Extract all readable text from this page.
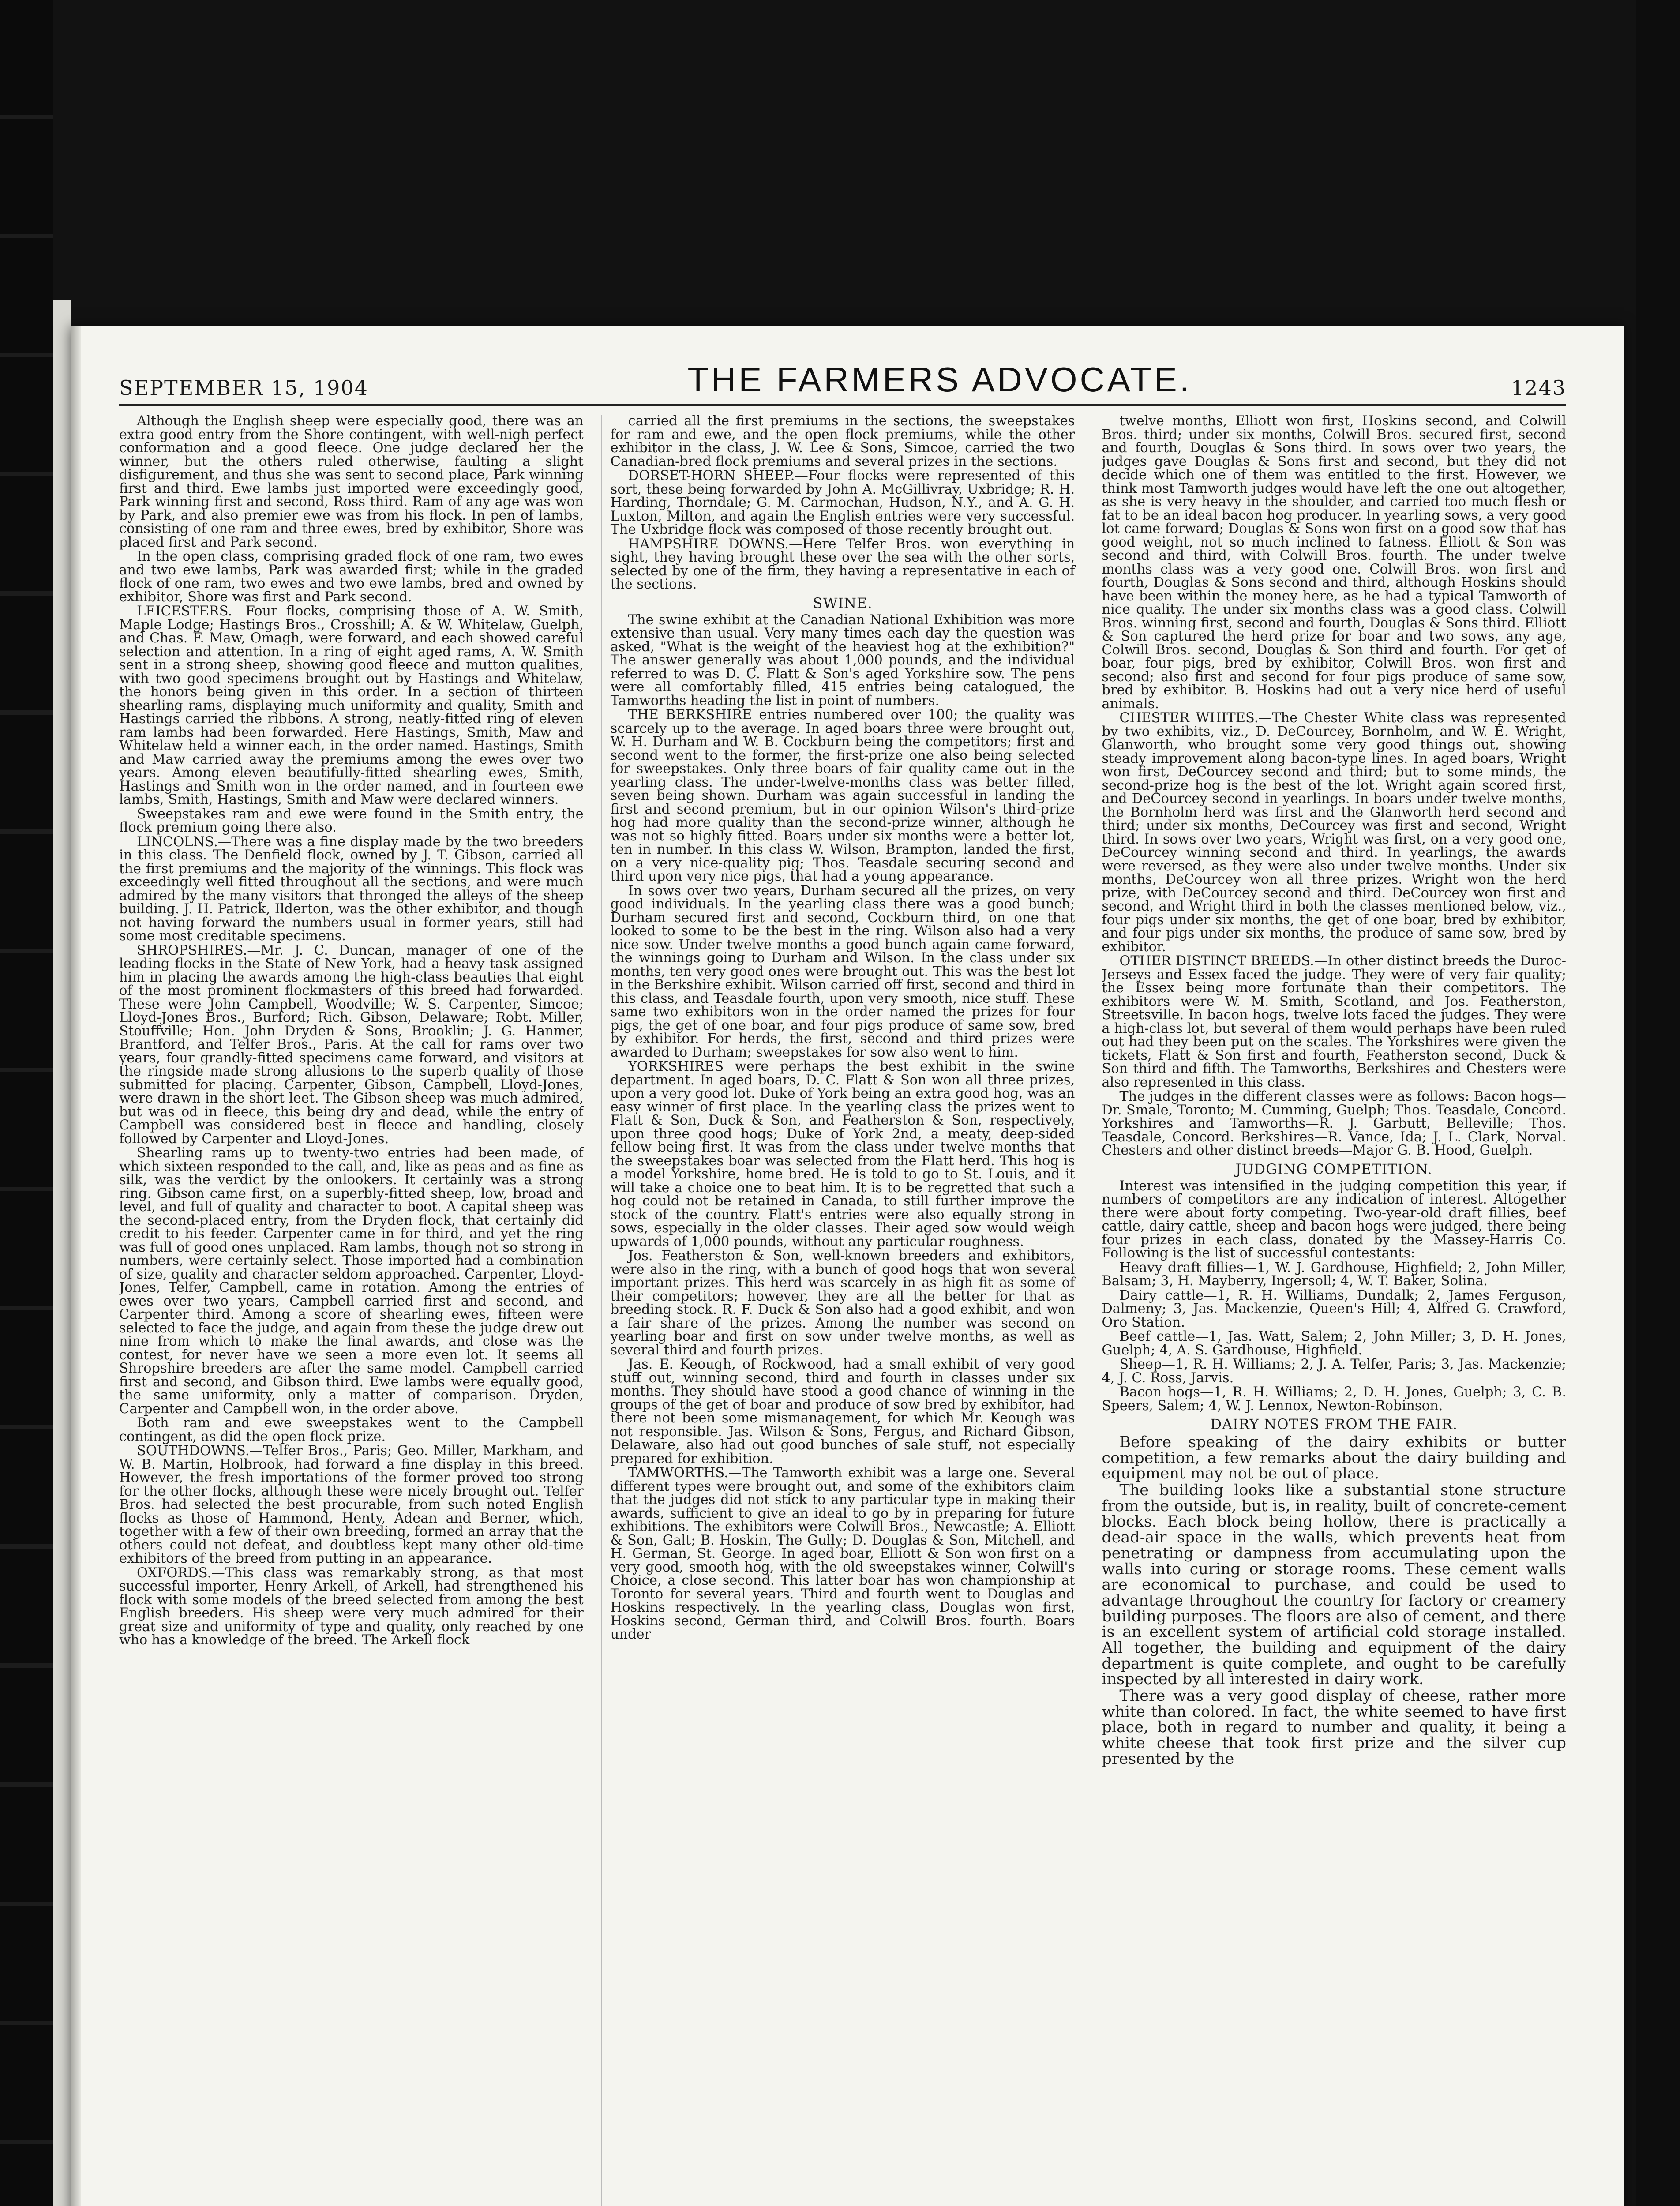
SEPTEMBER 15, 1904	THE FARMERS ADVOCATE.	1243

Although the English sheep were especially good, there was an extra good entry from the Shore contingent, with well-nigh perfect conformation and a good fleece. One judge declared her the winner, but the others ruled otherwise, faulting a slight disfigurement, and thus she was sent to second place, Park winning first and third. Ewe lambs just imported were exceedingly good, Park winning first and second, Ross third. Ram of any age was won by Park, and also premier ewe was from his flock. In pen of lambs, consisting of one ram and three ewes, bred by exhibitor, Shore was placed first and Park second.

In the open class, comprising graded flock of one ram, two ewes and two ewe lambs, Park was awarded first; while in the graded flock of one ram, two ewes and two ewe lambs, bred and owned by exhibitor, Shore was first and Park second.

LEICESTERS.—Four flocks, comprising those of A. W. Smith, Maple Lodge; Hastings Bros., Crosshill; A. & W. Whitelaw, Guelph, and Chas. F. Maw, Omagh, were forward, and each showed careful selection and attention. In a ring of eight aged rams, A. W. Smith sent in a strong sheep, showing good fleece and mutton qualities, with two good specimens brought out by Hastings and Whitelaw, the honors being given in this order. In a section of thirteen shearling rams, displaying much uniformity and quality, Smith and Hastings carried the ribbons. A strong, neatly-fitted ring of eleven ram lambs had been forwarded. Here Hastings, Smith, Maw and Whitelaw held a winner each, in the order named. Hastings, Smith and Maw carried away the premiums among the ewes over two years. Among eleven beautifully-fitted shearling ewes, Smith, Hastings and Smith won in the order named, and in fourteen ewe lambs, Smith, Hastings, Smith and Maw were declared winners.

Sweepstakes ram and ewe were found in the Smith entry, the flock premium going there also.

LINCOLNS.—There was a fine display made by the two breeders in this class. The Denfield flock, owned by J. T. Gibson, carried all the first premiums and the majority of the winnings. This flock was exceedingly well fitted throughout all the sections, and were much admired by the many visitors that thronged the alleys of the sheep building. J. H. Patrick, Ilderton, was the other exhibitor, and though not having forward the numbers usual in former years, still had some most creditable specimens.

SHROPSHIRES.—Mr. J. C. Duncan, manager of one of the leading flocks in the State of New York, had a heavy task assigned him in placing the awards among the high-class beauties that eight of the most prominent flockmasters of this breed had forwarded. These were John Campbell, Woodville; W. S. Carpenter, Simcoe; Lloyd-Jones Bros., Burford; Rich. Gibson, Delaware; Robt. Miller, Stouffville; Hon. John Dryden & Sons, Brooklin; J. G. Hanmer, Brantford, and Telfer Bros., Paris. At the call for rams over two years, four grandly-fitted specimens came forward, and visitors at the ringside made strong allusions to the superb quality of those submitted for placing. Carpenter, Gibson, Campbell, Lloyd-Jones, were drawn in the short leet. The Gibson sheep was much admired, but was od in fleece, this being dry and dead, while the entry of Campbell was considered best in fleece and handling, closely followed by Carpenter and Lloyd-Jones.

Shearling rams up to twenty-two entries had been made, of which sixteen responded to the call, and, like as peas and as fine as silk, was the verdict by the onlookers. It certainly was a strong ring. Gibson came first, on a superbly-fitted sheep, low, broad and level, and full of quality and character to boot. A capital sheep was the second-placed entry, from the Dryden flock, that certainly did credit to his feeder. Carpenter came in for third, and yet the ring was full of good ones unplaced. Ram lambs, though not so strong in numbers, were certainly select. Those imported had a combination of size, quality and character seldom approached. Carpenter, Lloyd-Jones, Telfer, Campbell, came in rotation. Among the entries of ewes over two years, Campbell carried first and second, and Carpenter third. Among a score of shearling ewes, fifteen were selected to face the judge, and again from these the judge drew out nine from which to make the final awards, and close was the contest, for never have we seen a more even lot. It seems all Shropshire breeders are after the same model. Campbell carried first and second, and Gibson third. Ewe lambs were equally good, the same uniformity, only a matter of comparison. Dryden, Carpenter and Campbell won, in the order above.

Both ram and ewe sweepstakes went to the Campbell contingent, as did the open flock prize.

SOUTHDOWNS.—Telfer Bros., Paris; Geo. Miller, Markham, and W. B. Martin, Holbrook, had forward a fine display in this breed. However, the fresh importations of the former proved too strong for the other flocks, although these were nicely brought out. Telfer Bros. had selected the best procurable, from such noted English flocks as those of Hammond, Henty, Adean and Berner, which, together with a few of their own breeding, formed an array that the others could not defeat, and doubtless kept many other old-time exhibitors of the breed from putting in an appearance.

OXFORDS.—This class was remarkably strong, as that most successful importer, Henry Arkell, of Arkell, had strengthened his flock with some models of the breed selected from among the best English breeders. His sheep were very much admired for their great size and uniformity of type and quality, only reached by one who has a knowledge of the breed. The Arkell flock

carried all the first premiums in the sections, the sweepstakes for ram and ewe, and the open flock premiums, while the other exhibitor in the class, J. W. Lee & Sons, Simcoe, carried the two Canadian-bred flock premiums and several prizes in the sections.

DORSET-HORN SHEEP.—Four flocks were represented of this sort, these being forwarded by John A. McGillivray, Uxbridge; R. H. Harding, Thorndale; G. M. Carmochan, Hudson, N.Y., and A. G. H. Luxton, Milton, and again the English entries were very successful. The Uxbridge flock was composed of those recently brought out.

HAMPSHIRE DOWNS.—Here Telfer Bros. won everything in sight, they having brought these over the sea with the other sorts, selected by one of the firm, they having a representative in each of the sections.

SWINE.

The swine exhibit at the Canadian National Exhibition was more extensive than usual. Very many times each day the question was asked, "What is the weight of the heaviest hog at the exhibition?" The answer generally was about 1,000 pounds, and the individual referred to was D. C. Flatt & Son's aged Yorkshire sow. The pens were all comfortably filled, 415 entries being catalogued, the Tamworths heading the list in point of numbers.

THE BERKSHIRE entries numbered over 100; the quality was scarcely up to the average. In aged boars three were brought out, W. H. Durham and W. B. Cockburn being the competitors; first and second went to the former, the first-prize one also being selected for sweepstakes. Only three boars of fair quality came out in the yearling class. The under-twelve-months class was better filled, seven being shown. Durham was again successful in landing the first and second premium, but in our opinion Wilson's third-prize hog had more quality than the second-prize winner, although he was not so highly fitted. Boars under six months were a better lot, ten in number. In this class W. Wilson, Brampton, landed the first, on a very nice-quality pig; Thos. Teasdale securing second and third upon very nice pigs, that had a young appearance.

In sows over two years, Durham secured all the prizes, on very good individuals. In the yearling class there was a good bunch; Durham secured first and second, Cockburn third, on one that looked to some to be the best in the ring. Wilson also had a very nice sow. Under twelve months a good bunch again came forward, the winnings going to Durham and Wilson. In the class under six months, ten very good ones were brought out. This was the best lot in the Berkshire exhibit. Wilson carried off first, second and third in this class, and Teasdale fourth, upon very smooth, nice stuff. These same two exhibitors won in the order named the prizes for four pigs, the get of one boar, and four pigs produce of same sow, bred by exhibitor. For herds, the first, second and third prizes were awarded to Durham; sweepstakes for sow also went to him.

YORKSHIRES were perhaps the best exhibit in the swine department. In aged boars, D. C. Flatt & Son won all three prizes, upon a very good lot. Duke of York being an extra good hog, was an easy winner of first place. In the yearling class the prizes went to Flatt & Son, Duck & Son, and Featherston & Son, respectively, upon three good hogs; Duke of York 2nd, a meaty, deep-sided fellow being first. It was from the class under twelve months that the sweepstakes boar was selected from the Flatt herd. This hog is a model Yorkshire, home bred. He is told to go to St. Louis, and it will take a choice one to beat him. It is to be regretted that such a hog could not be retained in Canada, to still further improve the stock of the country. Flatt's entries were also equally strong in sows, especially in the older classes. Their aged sow would weigh upwards of 1,000 pounds, without any particular roughness.

Jos. Featherston & Son, well-known breeders and exhibitors, were also in the ring, with a bunch of good hogs that won several important prizes. This herd was scarcely in as high fit as some of their competitors; however, they are all the better for that as breeding stock. R. F. Duck & Son also had a good exhibit, and won a fair share of the prizes. Among the number was second on yearling boar and first on sow under twelve months, as well as several third and fourth prizes.

Jas. E. Keough, of Rockwood, had a small exhibit of very good stuff out, winning second, third and fourth in classes under six months. They should have stood a good chance of winning in the groups of the get of boar and produce of sow bred by exhibitor, had there not been some mismanagement, for which Mr. Keough was not responsible. Jas. Wilson & Sons, Fergus, and Richard Gibson, Delaware, also had out good bunches of sale stuff, not especially prepared for exhibition.

TAMWORTHS.—The Tamworth exhibit was a large one. Several different types were brought out, and some of the exhibitors claim that the judges did not stick to any particular type in making their awards, sufficient to give an ideal to go by in preparing for future exhibitions. The exhibitors were Colwill Bros., Newcastle; A. Elliott & Son, Galt; B. Hoskin, The Gully; D. Douglas & Son, Mitchell, and H. German, St. George. In aged boar, Elliott & Son won first on a very good, smooth hog, with the old sweepstakes winner, Colwill's Choice, a close second. This latter boar has won championship at Toronto for several years. Third and fourth went to Douglas and Hoskins respectively. In the yearling class, Douglas won first, Hoskins second, German third, and Colwill Bros. fourth. Boars under

twelve months, Elliott won first, Hoskins second, and Colwill Bros. third; under six months, Colwill Bros. secured first, second and fourth, Douglas & Sons third. In sows over two years, the judges gave Douglas & Sons first and second, but they did not decide which one of them was entitled to the first. However, we think most Tamworth judges would have left the one out altogether, as she is very heavy in the shoulder, and carried too much flesh or fat to be an ideal bacon hog producer. In yearling sows, a very good lot came forward; Douglas & Sons won first on a good sow that has good weight, not so much inclined to fatness. Elliott & Son was second and third, with Colwill Bros. fourth. The under twelve months class was a very good one. Colwill Bros. won first and fourth, Douglas & Sons second and third, although Hoskins should have been within the money here, as he had a typical Tamworth of nice quality. The under six months class was a good class. Colwill Bros. winning first, second and fourth, Douglas & Sons third. Elliott & Son captured the herd prize for boar and two sows, any age, Colwill Bros. second, Douglas & Son third and fourth. For get of boar, four pigs, bred by exhibitor, Colwill Bros. won first and second; also first and second for four pigs produce of same sow, bred by exhibitor. B. Hoskins had out a very nice herd of useful animals.

CHESTER WHITES.—The Chester White class was represented by two exhibits, viz., D. DeCourcey, Bornholm, and W. E. Wright, Glanworth, who brought some very good things out, showing steady improvement along bacon-type lines. In aged boars, Wright won first, DeCourcey second and third; but to some minds, the second-prize hog is the best of the lot. Wright again scored first, and DeCourcey second in yearlings. In boars under twelve months, the Bornholm herd was first and the Glanworth herd second and third; under six months, DeCourcey was first and second, Wright third. In sows over two years, Wright was first, on a very good one, DeCourcey winning second and third. In yearlings, the awards were reversed, as they were also under twelve months. Under six months, DeCourcey won all three prizes. Wright won the herd prize, with DeCourcey second and third. DeCourcey won first and second, and Wright third in both the classes mentioned below, viz., four pigs under six months, the get of one boar, bred by exhibitor, and four pigs under six months, the produce of same sow, bred by exhibitor.

OTHER DISTINCT BREEDS.—In other distinct breeds the Duroc-Jerseys and Essex faced the judge. They were of very fair quality; the Essex being more fortunate than their competitors. The exhibitors were W. M. Smith, Scotland, and Jos. Featherston, Streetsville. In bacon hogs, twelve lots faced the judges. They were a high-class lot, but several of them would perhaps have been ruled out had they been put on the scales. The Yorkshires were given the tickets, Flatt & Son first and fourth, Featherston second, Duck & Son third and fifth. The Tamworths, Berkshires and Chesters were also represented in this class.

The judges in the different classes were as follows: Bacon hogs—Dr. Smale, Toronto; M. Cumming, Guelph; Thos. Teasdale, Concord. Yorkshires and Tamworths—R. J. Garbutt, Belleville; Thos. Teasdale, Concord. Berkshires—R. Vance, Ida; J. L. Clark, Norval. Chesters and other distinct breeds—Major G. B. Hood, Guelph.

JUDGING COMPETITION.

Interest was intensified in the judging competition this year, if numbers of competitors are any indication of interest. Altogether there were about forty competing. Two-year-old draft fillies, beef cattle, dairy cattle, sheep and bacon hogs were judged, there being four prizes in each class, donated by the Massey-Harris Co. Following is the list of successful contestants:

Heavy draft fillies—1, W. J. Gardhouse, Highfield; 2, John Miller, Balsam; 3, H. Mayberry, Ingersoll; 4, W. T. Baker, Solina.

Dairy cattle—1, R. H. Williams, Dundalk; 2, James Ferguson, Dalmeny; 3, Jas. Mackenzie, Queen's Hill; 4, Alfred G. Crawford, Oro Station.

Beef cattle—1, Jas. Watt, Salem; 2, John Miller; 3, D. H. Jones, Guelph; 4, A. S. Gardhouse, Highfield.

Sheep—1, R. H. Williams; 2, J. A. Telfer, Paris; 3, Jas. Mackenzie; 4, J. C. Ross, Jarvis.

Bacon hogs—1, R. H. Williams; 2, D. H. Jones, Guelph; 3, C. B. Speers, Salem; 4, W. J. Lennox, Newton-Robinson.

DAIRY NOTES FROM THE FAIR.

Before speaking of the dairy exhibits or butter competition, a few remarks about the dairy building and equipment may not be out of place.

The building looks like a substantial stone structure from the outside, but is, in reality, built of concrete-cement blocks. Each block being hollow, there is practically a dead-air space in the walls, which prevents heat from penetrating or dampness from accumulating upon the walls into curing or storage rooms. These cement walls are economical to purchase, and could be used to advantage throughout the country for factory or creamery building purposes. The floors are also of cement, and there is an excellent system of artificial cold storage installed. All together, the building and equipment of the dairy department is quite complete, and ought to be carefully inspected by all interested in dairy work.

There was a very good display of cheese, rather more white than colored. In fact, the white seemed to have first place, both in regard to number and quality, it being a white cheese that took first prize and the silver cup presented by the
